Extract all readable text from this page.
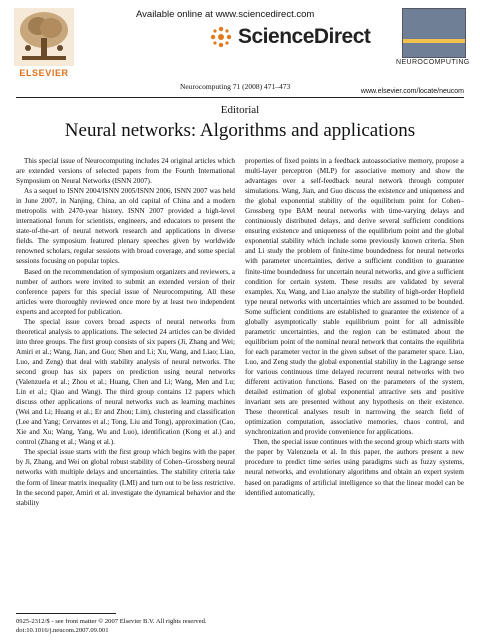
ELSEVIER
Available online at www.sciencedirect.com
ScienceDirect
NEUROCOMPUTING
Neurocomputing 71 (2008) 471–473
www.elsevier.com/locate/neucom
Editorial
Neural networks: Algorithms and applications

This special issue of Neurocomputing includes 24 original articles which are extended versions of selected papers from the Fourth International Symposium on Neural Networks (ISNN 2007).

As a sequel to ISNN 2004/ISNN 2005/ISNN 2006, ISNN 2007 was held in June 2007, in Nanjing, China, an old capital of China and a modern metropolis with 2470-year history. ISNN 2007 provided a high-level international forum for scientists, engineers, and educators to present the state-of-the-art of neural network research and applications in diverse fields. The symposium featured plenary speeches given by worldwide renowned scholars, regular sessions with broad coverage, and some special sessions focusing on popular topics.

Based on the recommendation of symposium organizers and reviewers, a number of authors were invited to submit an extended version of their conference papers for this special issue of Neurocomputing. All these articles were thoroughly reviewed once more by at least two independent experts and accepted for publication.

The special issue covers broad aspects of neural networks from theoretical analysis to applications. The selected 24 articles can be divided into three groups. The first group consists of six papers (Ji, Zhang and Wei; Amiri et al.; Wang, Jian, and Guo; Shen and Li; Xu, Wang, and Liao; Liao, Luo, and Zeng) that deal with stability analysis of neural networks. The second group has six papers on prediction using neural networks (Valenzuela et al.; Zhou et al.; Huang, Chen and Li; Wang, Men and Lu; Lin et al.; Qiao and Wang). The third group contains 12 papers which discuss other applications of neural networks such as learning machines (Wei and Li; Huang et al.; Er and Zhou; Lim), clustering and classification (Lee and Yang; Cervantes et al.; Tong, Liu and Tong), approximation (Cao, Xie and Xu; Wang, Yang, Wu and Luo), identification (Kong et al.) and control (Zhang et al.; Wang et al.).

The special issue starts with the first group which begins with the paper by Ji, Zhang, and Wei on global robust stability of Cohen–Grossberg neural networks with multiple delays and uncertainties. The stability criteria take the form of linear matrix inequality (LMI) and turn out to be less restrictive. In the second paper, Amiri et al. investigate the dynamical behavior and the stability

properties of fixed points in a feedback autoassociative memory, propose a multi-layer perceptron (MLP) for associative memory and show the advantages over a self-feedback neural network through computer simulations. Wang, Jian, and Guo discuss the existence and uniqueness and the global exponential stability of the equilibrium point for Cohen–Grossberg type BAM neural networks with time-varying delays and continuously distributed delays, and derive several sufficient conditions ensuring existence and uniqueness of the equilibrium point and the global exponential stability which include some previously known criteria. Shen and Li study the problem of finite-time boundedness for neural networks with parameter uncertainties, derive a sufficient condition to guarantee finite-time boundedness for uncertain neural networks, and give a sufficient condition for certain system. These results are validated by several examples. Xu, Wang, and Liao analyze the stability of high-order Hopfield type neural networks with uncertainties which are assumed to be bounded. Some sufficient conditions are established to guarantee the existence of a globally asymptotically stable equilibrium point for all admissible parametric uncertainties, and the region can be estimated about the equilibrium point of the nominal neural network that contains the equilibria for each parameter vector in the given subset of the parameter space. Liao, Luo, and Zeng study the global exponential stability in the Lagrange sense for various continuous time delayed recurrent neural networks with two different activation functions. Based on the parameters of the system, detailed estimation of global exponential attractive sets and positive invariant sets are presented without any hypothesis on their existence. These theoretical analyses result in narrowing the search field of optimization computation, associative memories, chaos control, and synchronization and provide convenience for applications.

Then, the special issue continues with the second group which starts with the paper by Valenzuela et al. In this paper, the authors present a new procedure to predict time series using paradigms such as fuzzy systems, neural networks, and evolutionary algorithms and obtain an expert system based on paradigms of artificial intelligence so that the linear model can be identified automatically,

0925-2312/$ - see front matter © 2007 Elsevier B.V. All rights reserved.
doi:10.1016/j.neucom.2007.09.001
